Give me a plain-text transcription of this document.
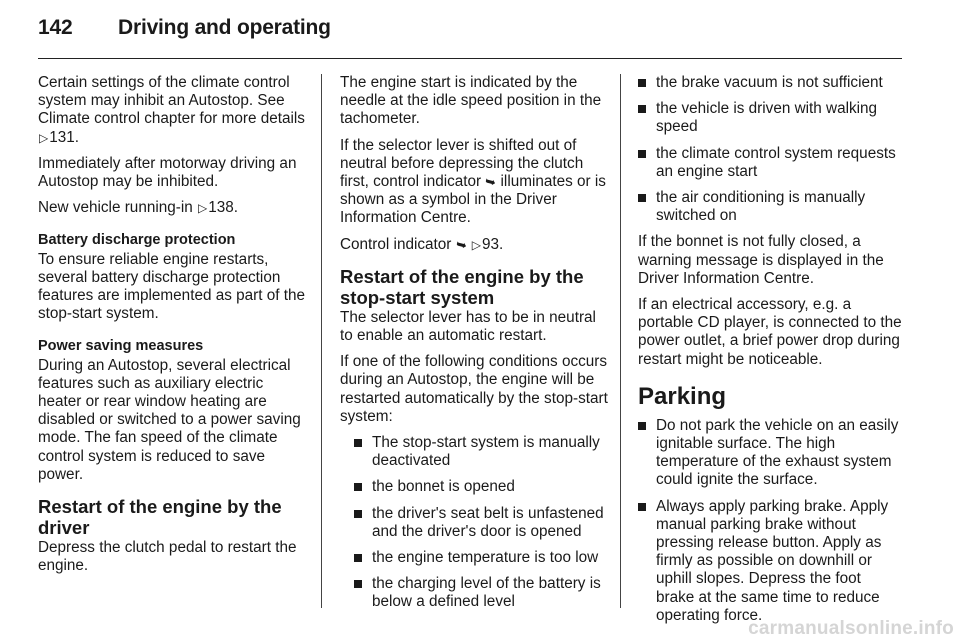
142 Driving and operating

Certain settings of the climate control system may inhibit an Autostop. See Climate control chapter for more details ▷131.

Immediately after motorway driving an Autostop may be inhibited.

New vehicle running-in ▷138.

Battery discharge protection

To ensure reliable engine restarts, several battery discharge protection features are implemented as part of the stop-start system.

Power saving measures

During an Autostop, several electrical features such as auxiliary electric heater or rear window heating are disabled or switched to a power saving mode. The fan speed of the climate control system is reduced to save power.

Restart of the engine by the driver

Depress the clutch pedal to restart the engine.

The engine start is indicated by the needle at the idle speed position in the tachometer.

If the selector lever is shifted out of neutral before depressing the clutch first, control indicator ➥ illuminates or is shown as a symbol in the Driver Information Centre.

Control indicator ➥ ▷93.

Restart of the engine by the stop-start system

The selector lever has to be in neutral to enable an automatic restart.

If one of the following conditions occurs during an Autostop, the engine will be restarted automatically by the stop-start system:

The stop-start system is manually deactivated
the bonnet is opened
the driver's seat belt is unfastened and the driver's door is opened
the engine temperature is too low
the charging level of the battery is below a defined level
the brake vacuum is not sufficient
the vehicle is driven with walking speed
the climate control system requests an engine start
the air conditioning is manually switched on

If the bonnet is not fully closed, a warning message is displayed in the Driver Information Centre.

If an electrical accessory, e.g. a portable CD player, is connected to the power outlet, a brief power drop during restart might be noticeable.

Parking
Do not park the vehicle on an easily ignitable surface. The high temperature of the exhaust system could ignite the surface.
Always apply parking brake. Apply manual parking brake without pressing release button. Apply as firmly as possible on downhill or uphill slopes. Depress the foot brake at the same time to reduce operating force.
carmanualsonline.info
